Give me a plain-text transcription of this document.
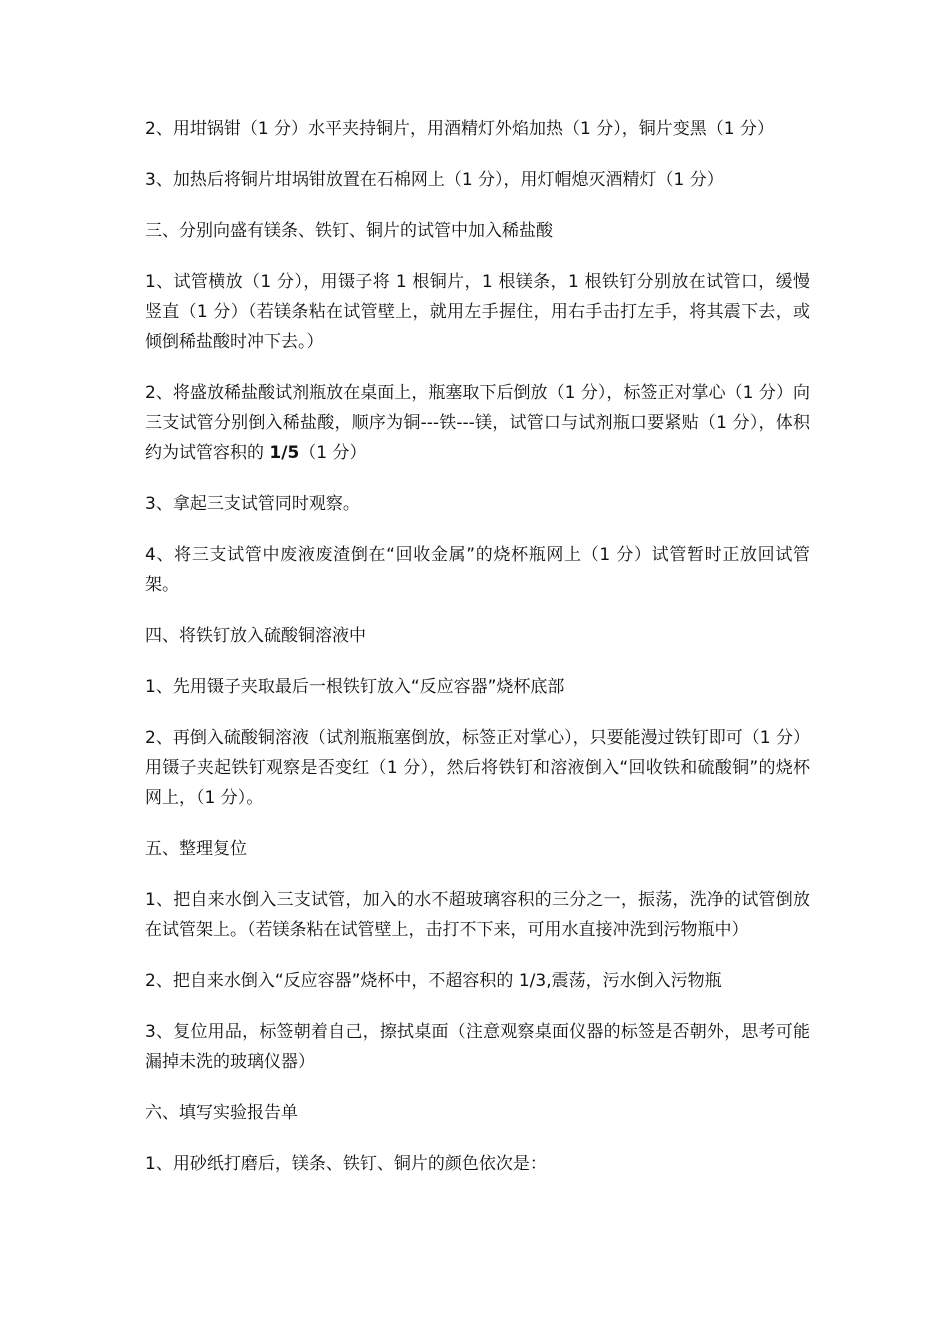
2、用坩锅钳（1 分）水平夹持铜片，用酒精灯外焰加热（1 分），铜片变黑（1 分）

3、加热后将铜片坩埚钳放置在石棉网上（1 分），用灯帽熄灭酒精灯（1 分）

三、分别向盛有镁条、铁钉、铜片的试管中加入稀盐酸

1、试管横放（1 分），用镊子将 1 根铜片，1 根镁条，1 根铁钉分别放在试管口，缓慢竖直（1 分）（若镁条粘在试管壁上，就用左手握住，用右手击打左手，将其震下去，或倾倒稀盐酸时冲下去。）

2、将盛放稀盐酸试剂瓶放在桌面上，瓶塞取下后倒放（1 分），标签正对掌心（1 分）向三支试管分别倒入稀盐酸，顺序为铜---铁---镁，试管口与试剂瓶口要紧贴（1 分），体积约为试管容积的 1/5（1 分）

3、拿起三支试管同时观察。

4、将三支试管中废液废渣倒在“回收金属”的烧杯瓶网上（1 分）试管暂时正放回试管架。

四、将铁钉放入硫酸铜溶液中

1、先用镊子夹取最后一根铁钉放入“反应容器”烧杯底部

2、再倒入硫酸铜溶液（试剂瓶瓶塞倒放，标签正对掌心），只要能漫过铁钉即可（1 分）用镊子夹起铁钉观察是否变红（1 分），然后将铁钉和溶液倒入“回收铁和硫酸铜”的烧杯网上，（1 分）。

五、整理复位

1、把自来水倒入三支试管，加入的水不超玻璃容积的三分之一，振荡，洗净的试管倒放在试管架上。（若镁条粘在试管壁上，击打不下来，可用水直接冲洗到污物瓶中）

2、把自来水倒入“反应容器”烧杯中，不超容积的 1/3,震荡，污水倒入污物瓶

3、复位用品，标签朝着自己，擦拭桌面（注意观察桌面仪器的标签是否朝外，思考可能漏掉未洗的玻璃仪器）

六、填写实验报告单

1、用砂纸打磨后，镁条、铁钉、铜片的颜色依次是：
